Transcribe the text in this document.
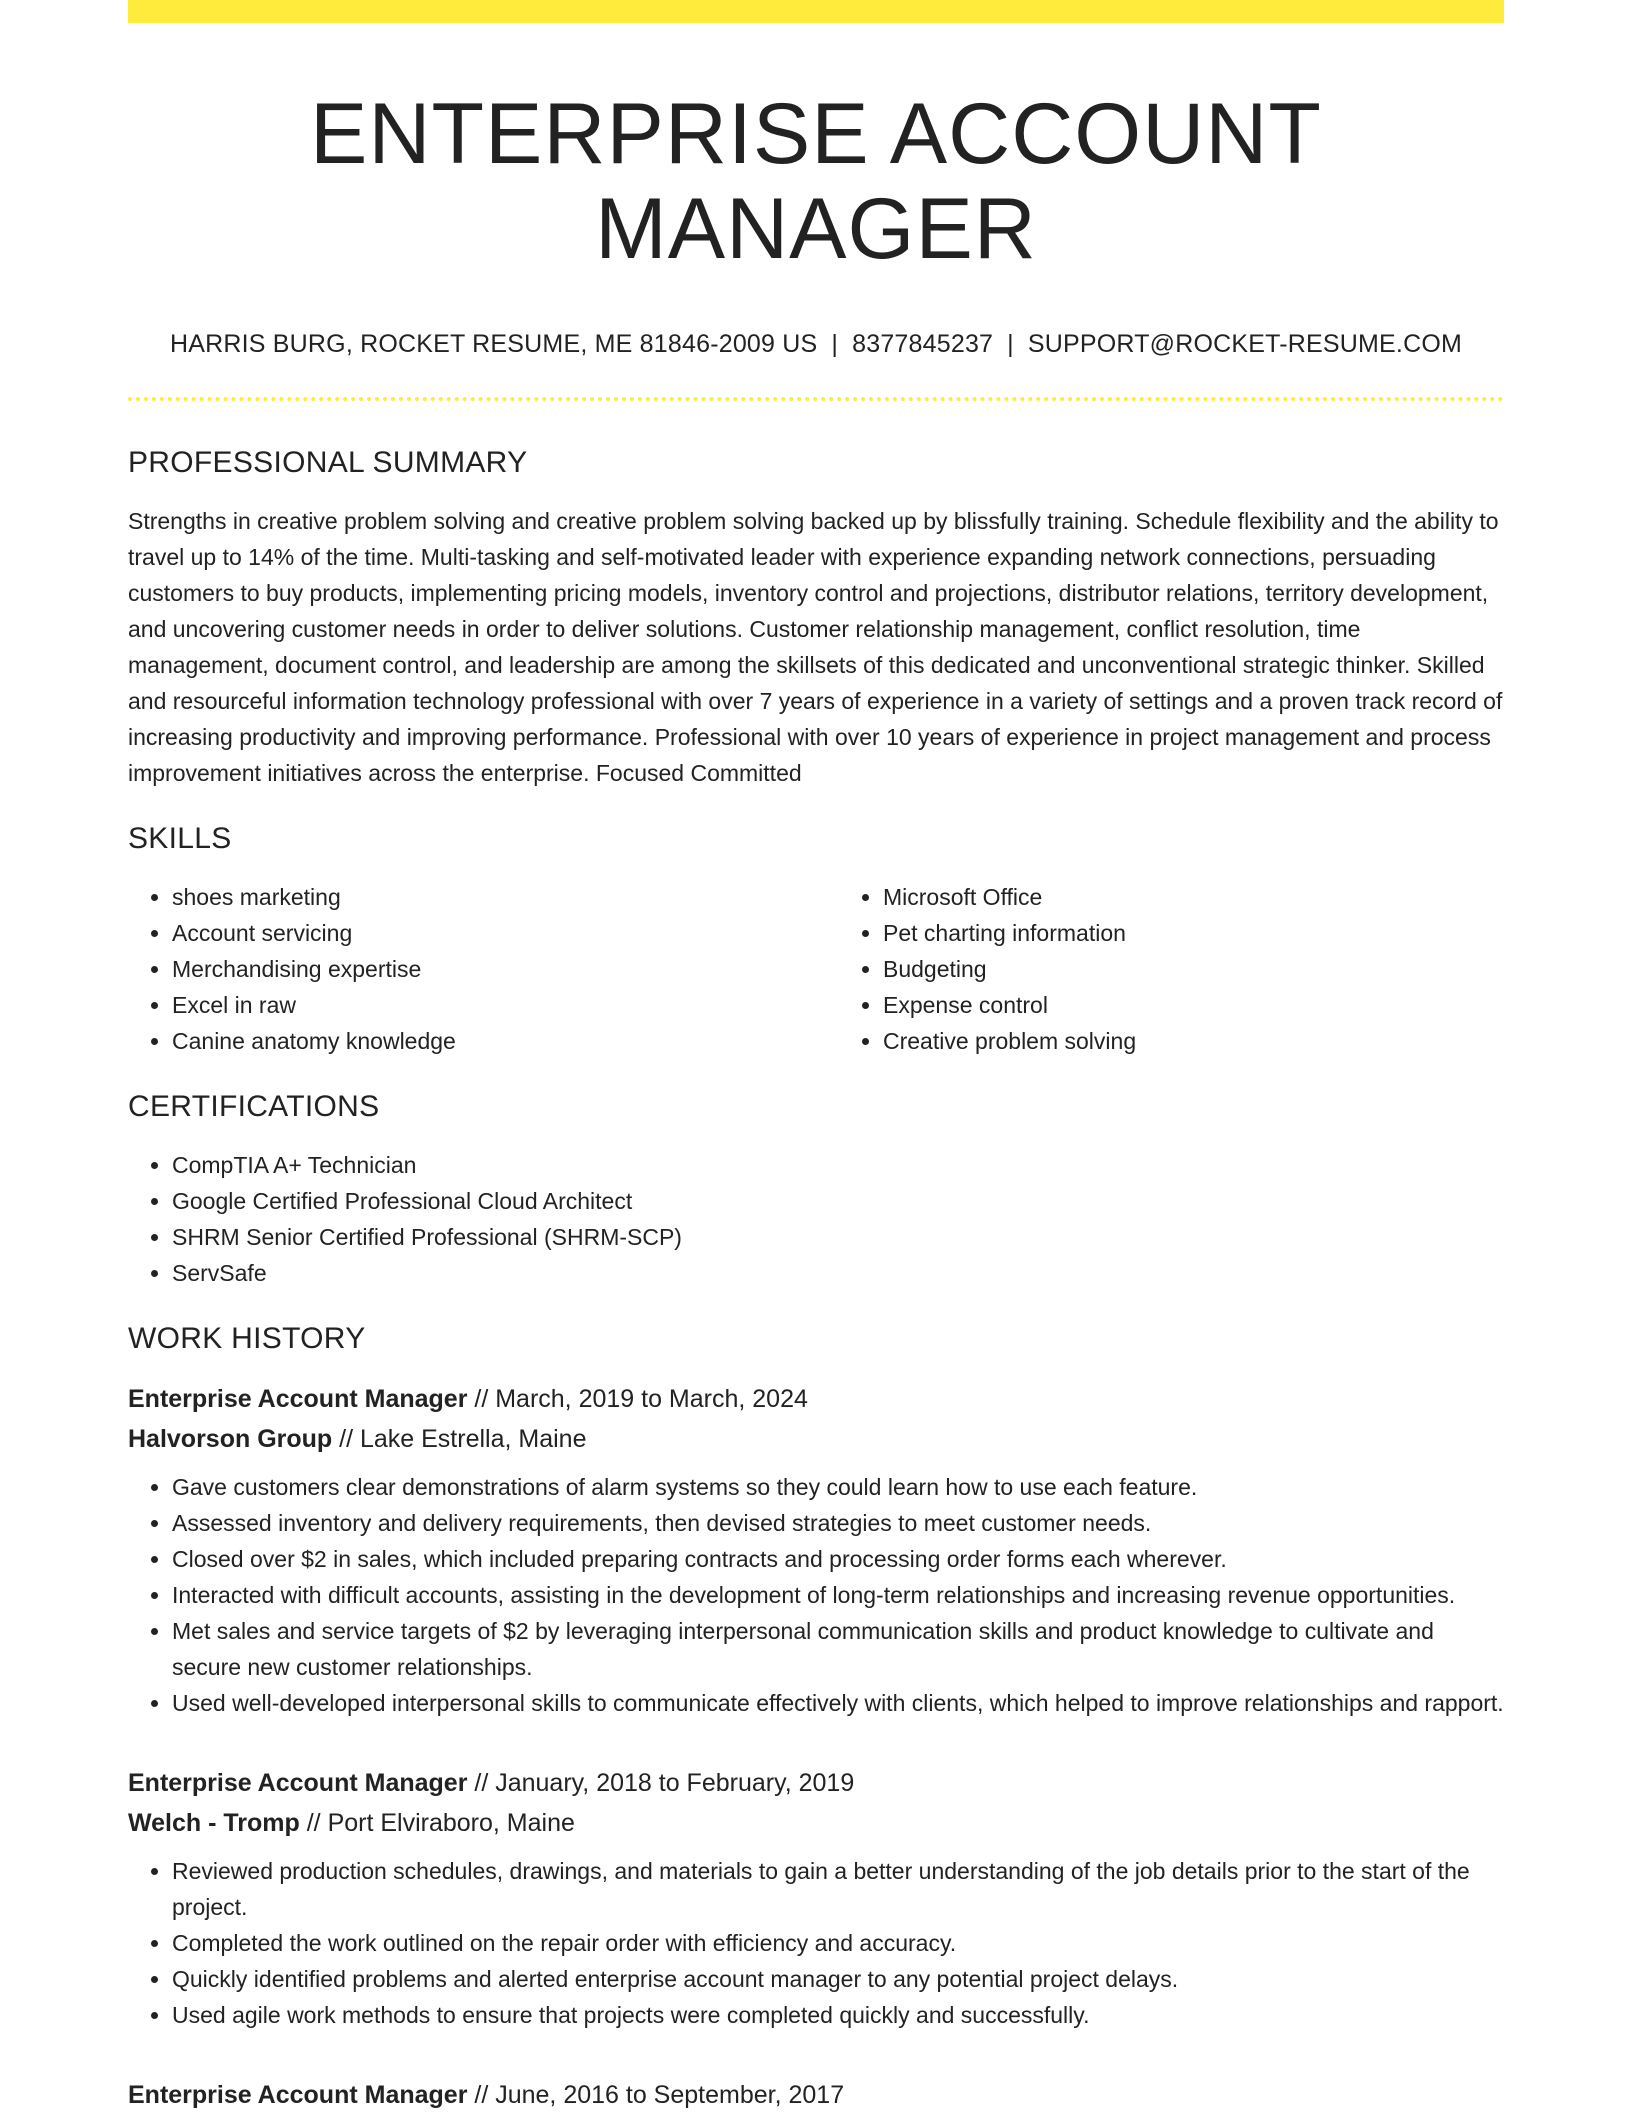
ENTERPRISE ACCOUNT MANAGER
HARRIS BURG, ROCKET RESUME, ME 81846-2009 US | 8377845237 | SUPPORT@ROCKET-RESUME.COM
PROFESSIONAL SUMMARY
Strengths in creative problem solving and creative problem solving backed up by blissfully training. Schedule flexibility and the ability to travel up to 14% of the time. Multi-tasking and self-motivated leader with experience expanding network connections, persuading customers to buy products, implementing pricing models, inventory control and projections, distributor relations, territory development, and uncovering customer needs in order to deliver solutions. Customer relationship management, conflict resolution, time management, document control, and leadership are among the skillsets of this dedicated and unconventional strategic thinker. Skilled and resourceful information technology professional with over 7 years of experience in a variety of settings and a proven track record of increasing productivity and improving performance. Professional with over 10 years of experience in project management and process improvement initiatives across the enterprise. Focused Committed
SKILLS
• shoes marketing
• Account servicing
• Merchandising expertise
• Excel in raw
• Canine anatomy knowledge
• Microsoft Office
• Pet charting information
• Budgeting
• Expense control
• Creative problem solving
CERTIFICATIONS
• CompTIA A+ Technician
• Google Certified Professional Cloud Architect
• SHRM Senior Certified Professional (SHRM-SCP)
• ServSafe
WORK HISTORY
Enterprise Account Manager // March, 2019 to March, 2024
Halvorson Group // Lake Estrella, Maine
• Gave customers clear demonstrations of alarm systems so they could learn how to use each feature.
• Assessed inventory and delivery requirements, then devised strategies to meet customer needs.
• Closed over $2 in sales, which included preparing contracts and processing order forms each wherever.
• Interacted with difficult accounts, assisting in the development of long-term relationships and increasing revenue opportunities.
• Met sales and service targets of $2 by leveraging interpersonal communication skills and product knowledge to cultivate and secure new customer relationships.
• Used well-developed interpersonal skills to communicate effectively with clients, which helped to improve relationships and rapport.
Enterprise Account Manager // January, 2018 to February, 2019
Welch - Tromp // Port Elviraboro, Maine
• Reviewed production schedules, drawings, and materials to gain a better understanding of the job details prior to the start of the project.
• Completed the work outlined on the repair order with efficiency and accuracy.
• Quickly identified problems and alerted enterprise account manager to any potential project delays.
• Used agile work methods to ensure that projects were completed quickly and successfully.
Enterprise Account Manager // June, 2016 to September, 2017
